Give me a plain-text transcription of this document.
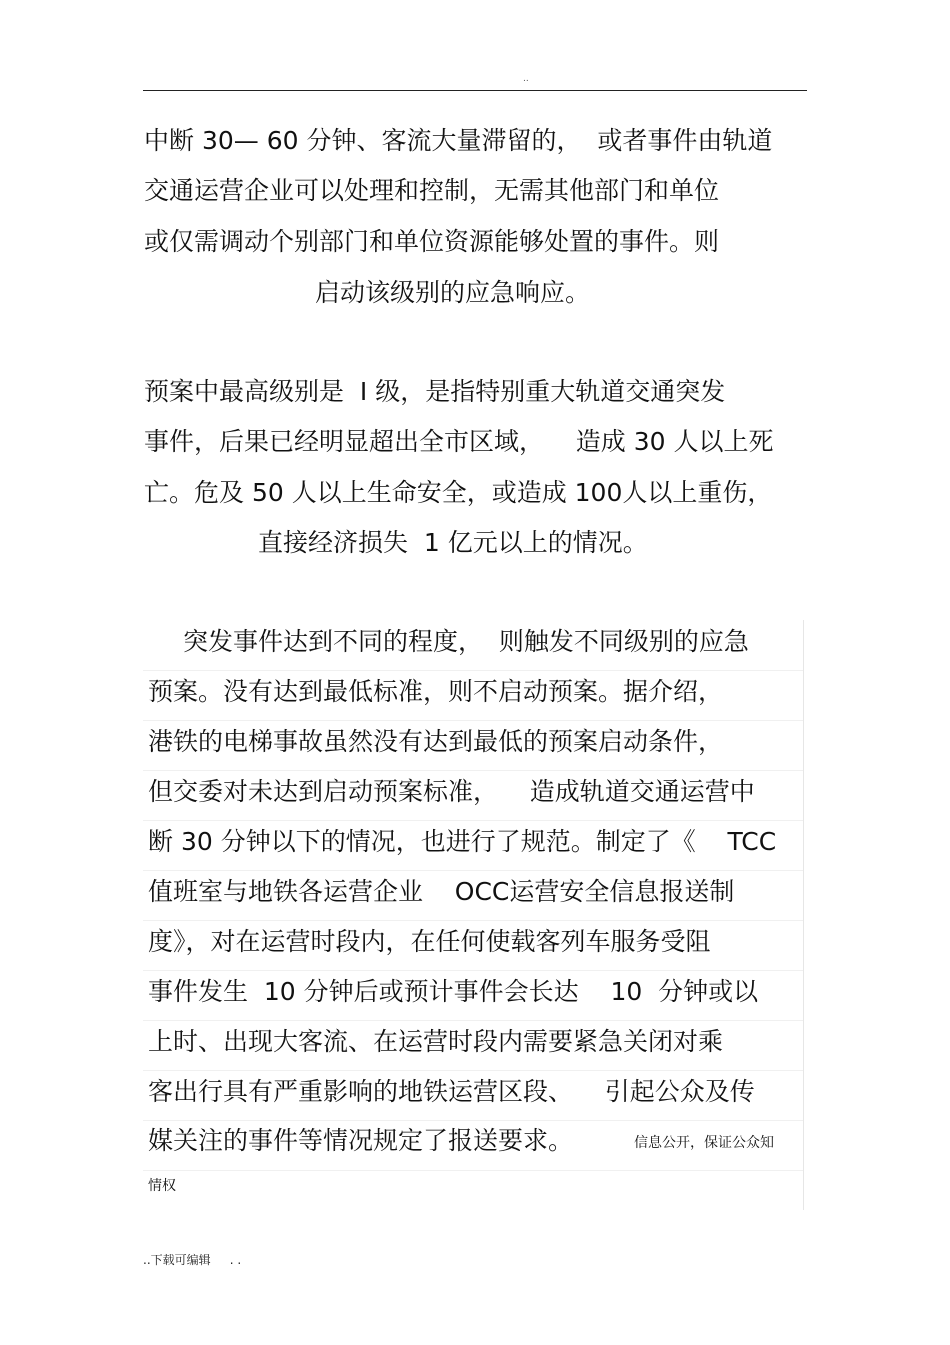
..
中断 30— 60 分钟、客流大量滞留的，  或者事件由轨道
交通运营企业可以处理和控制，无需其他部门和单位
或仅需调动个别部门和单位资源能够处置的事件。则
启动该级别的应急响应。
预案中最高级别是  Ⅰ 级，是指特别重大轨道交通突发
事件，后果已经明显超出全市区域，    造成 30 人以上死
亡。危及 50 人以上生命安全，或造成 100人以上重伤，
直接经济损失  1 亿元以上的情况。
突发事件达到不同的程度，  则触发不同级别的应急
预案。没有达到最低标准，则不启动预案。据介绍，
港铁的电梯事故虽然没有达到最低的预案启动条件，
但交委对未达到启动预案标准，    造成轨道交通运营中
断 30 分钟以下的情况，也进行了规范。制定了《    TCC
值班室与地铁各运营企业    OCC运营安全信息报送制
度》，对在运营时段内，在任何使载客列车服务受阻
事件发生  10 分钟后或预计事件会长达    10  分钟或以
上时、出现大客流、在运营时段内需要紧急关闭对乘
客出行具有严重影响的地铁运营区段、    引起公众及传
媒关注的事件等情况规定了报送要求。	信息公开，保证公众知
情权
..下载可编辑     . .
